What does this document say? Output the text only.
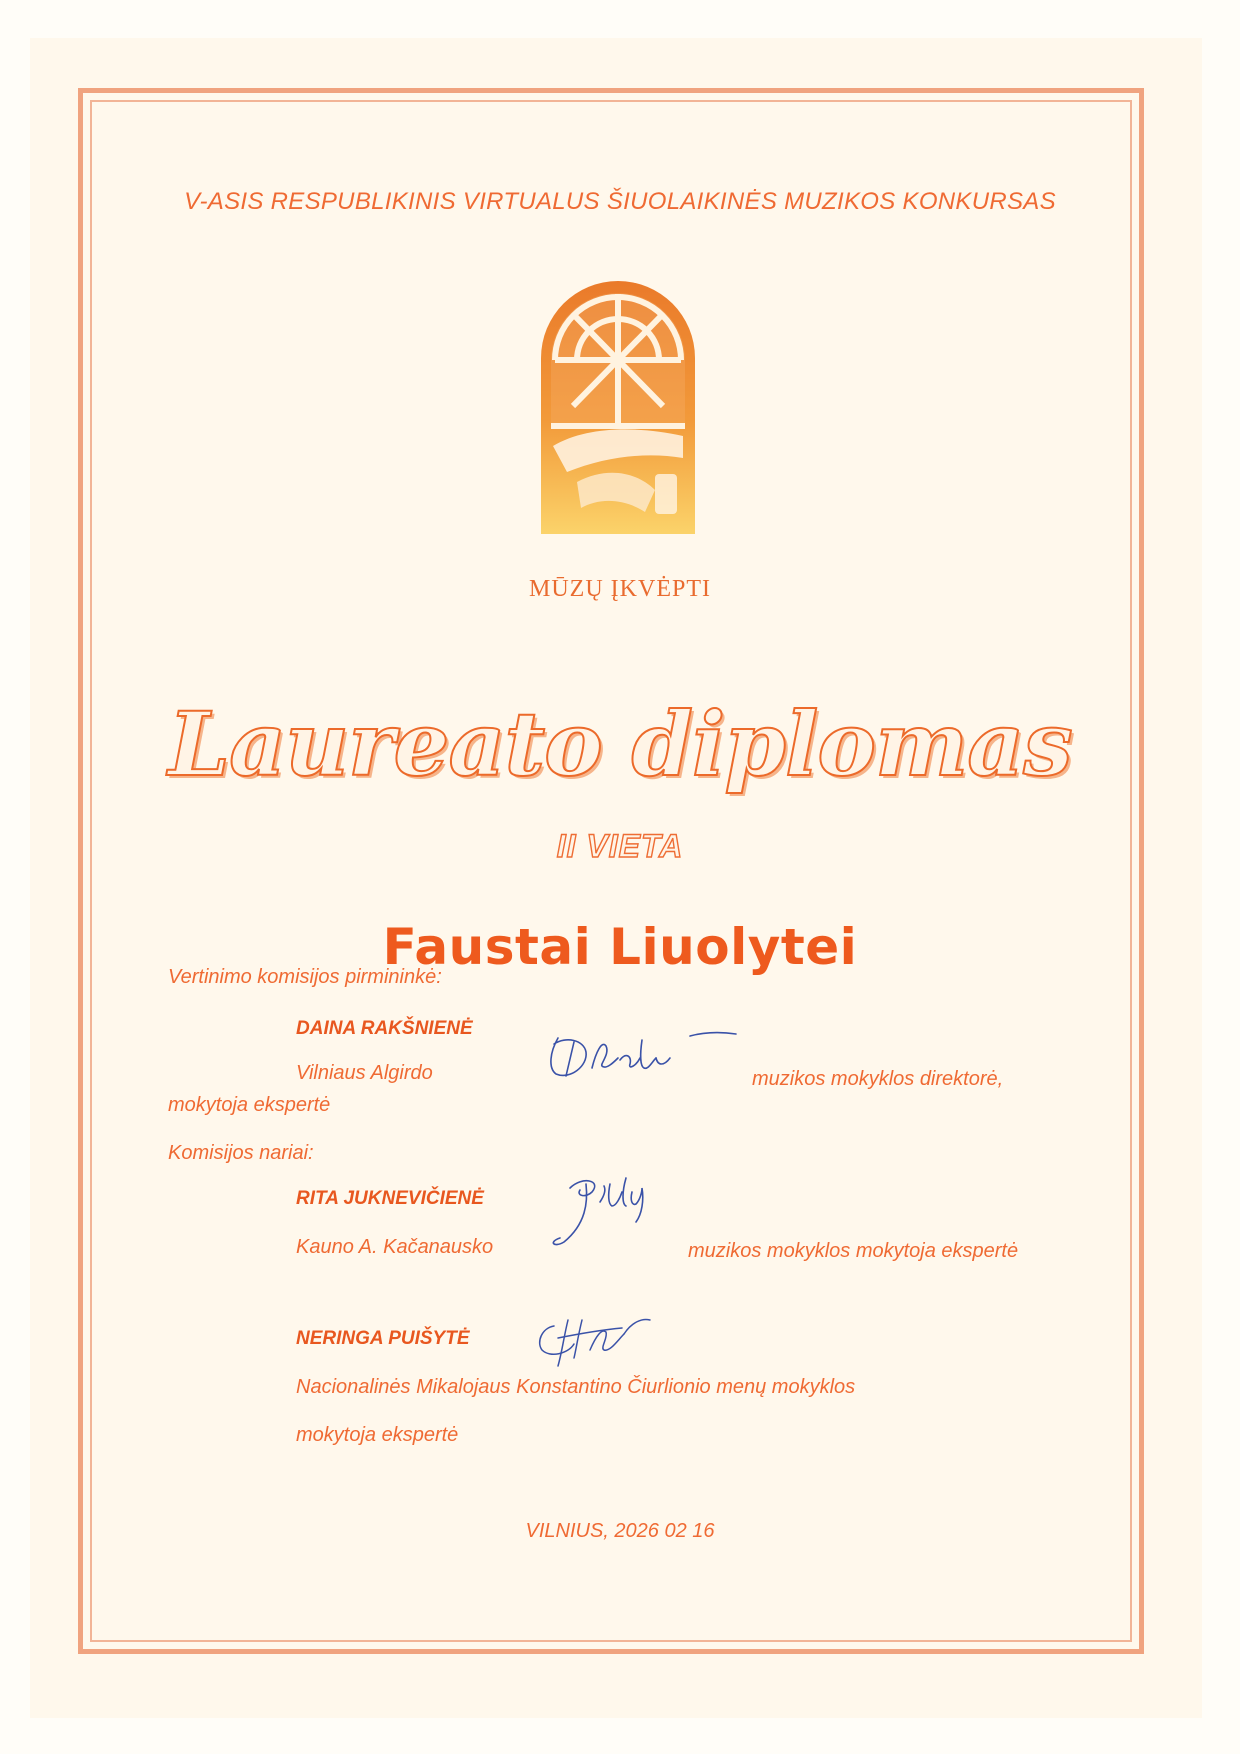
V-ASIS RESPUBLIKINIS VIRTUALUS ŠIUOLAIKINĖS MUZIKOS KONKURSAS

MŪZŲ ĮKVĖPTI

Laureato diplomas

II VIETA

Faustai Liuolytei

Vertinimo komisijos pirmininkė:

DAINA RAKŠNIENĖ

Vilniaus Algirdo	muzikos mokyklos direktorė,

mokytoja ekspertė

Komisijos nariai:

RITA JUKNEVIČIENĖ

Kauno A. Kačanausko	muzikos mokyklos mokytoja ekspertė

NERINGA PUIŠYTĖ

Nacionalinės Mikalojaus Konstantino Čiurlionio menų mokyklos

mokytoja ekspertė

VILNIUS, 2026 02 16
